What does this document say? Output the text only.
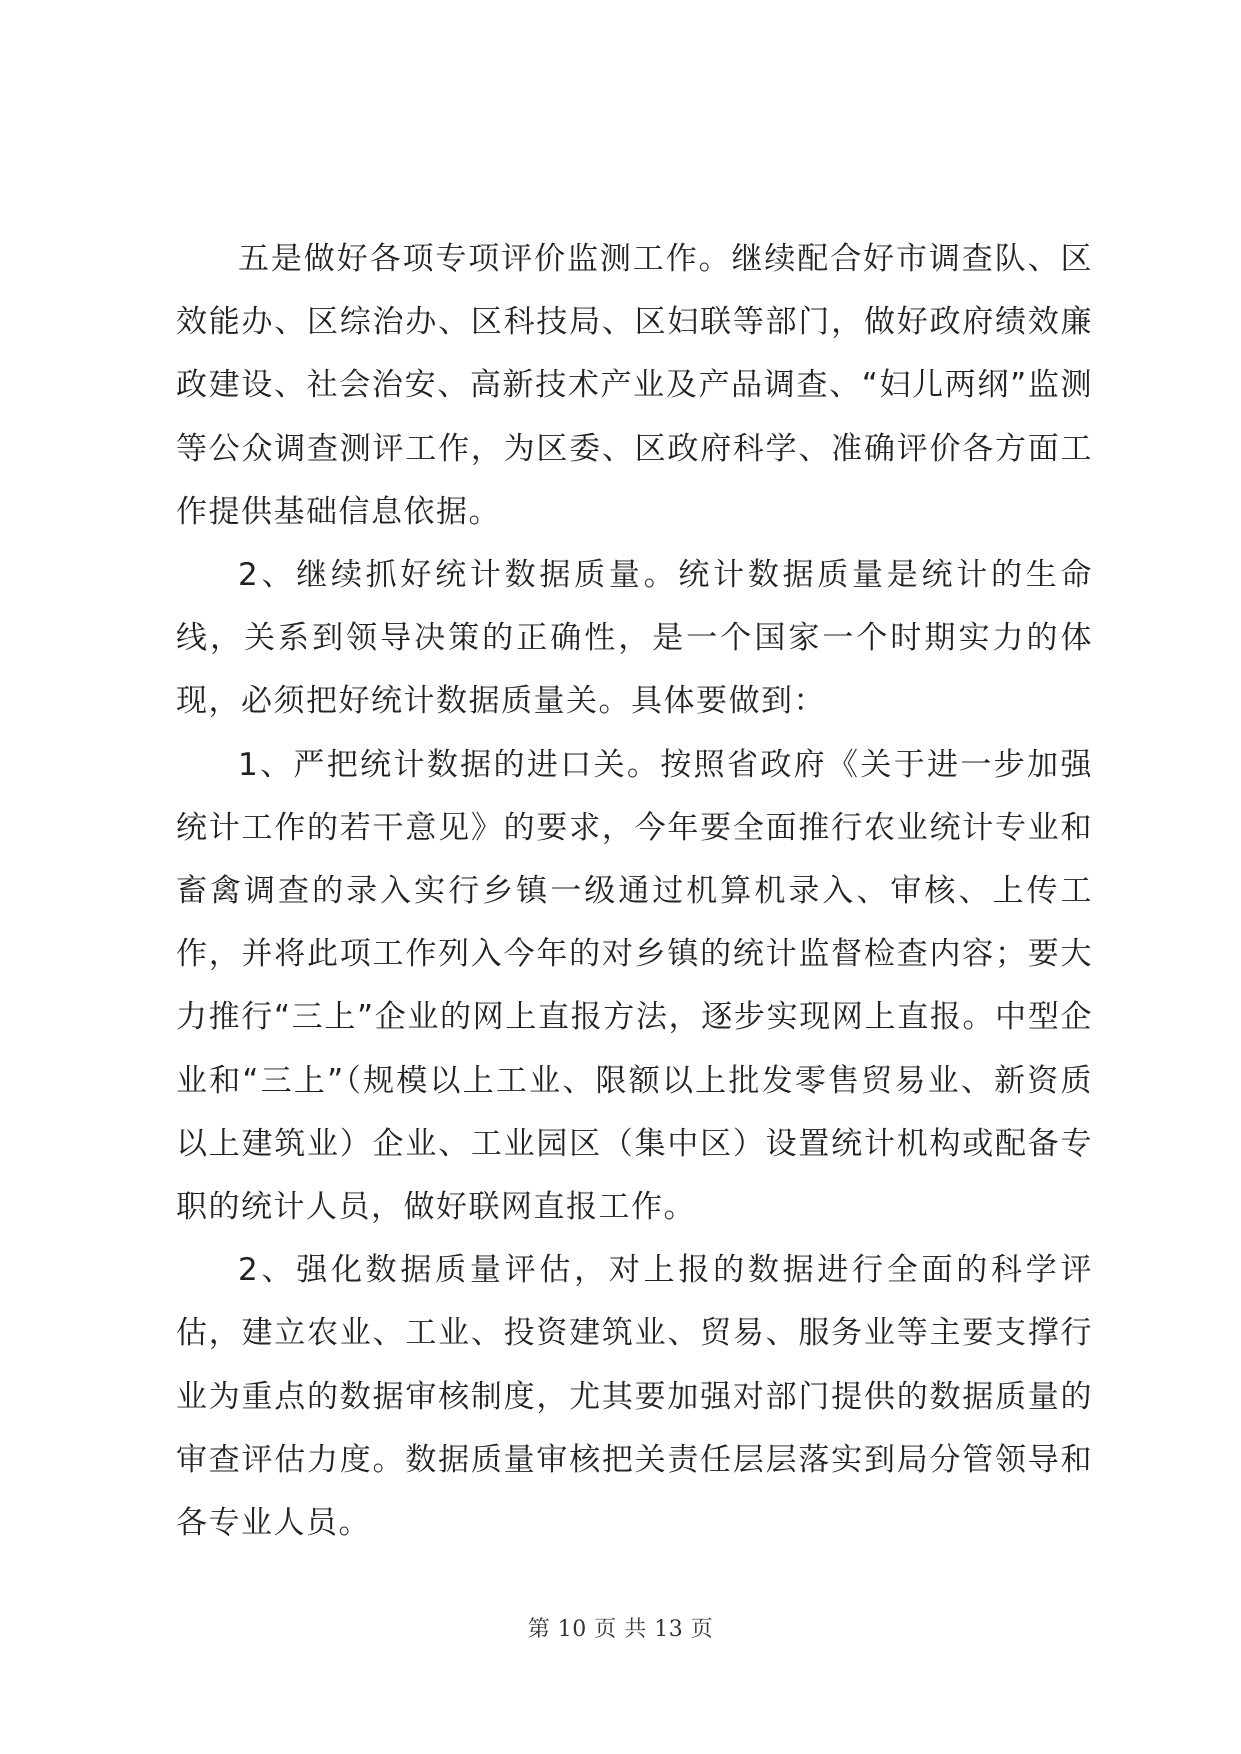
五是做好各项专项评价监测工作。继续配合好市调查队、区效能办、区综治办、区科技局、区妇联等部门，做好政府绩效廉政建设、社会治安、高新技术产业及产品调查、“妇儿两纲”监测等公众调查测评工作，为区委、区政府科学、准确评价各方面工作提供基础信息依据。

2、继续抓好统计数据质量。统计数据质量是统计的生命线，关系到领导决策的正确性，是一个国家一个时期实力的体现，必须把好统计数据质量关。具体要做到：

1、严把统计数据的进口关。按照省政府《关于进一步加强统计工作的若干意见》的要求，今年要全面推行农业统计专业和畜禽调查的录入实行乡镇一级通过机算机录入、审核、上传工作，并将此项工作列入今年的对乡镇的统计监督检查内容；要大力推行“三上”企业的网上直报方法，逐步实现网上直报。中型企业和“三上”（规模以上工业、限额以上批发零售贸易业、新资质以上建筑业）企业、工业园区（集中区）设置统计机构或配备专职的统计人员，做好联网直报工作。

2、强化数据质量评估，对上报的数据进行全面的科学评估，建立农业、工业、投资建筑业、贸易、服务业等主要支撑行业为重点的数据审核制度，尤其要加强对部门提供的数据质量的审查评估力度。数据质量审核把关责任层层落实到局分管领导和各专业人员。

第 10 页 共 13 页
